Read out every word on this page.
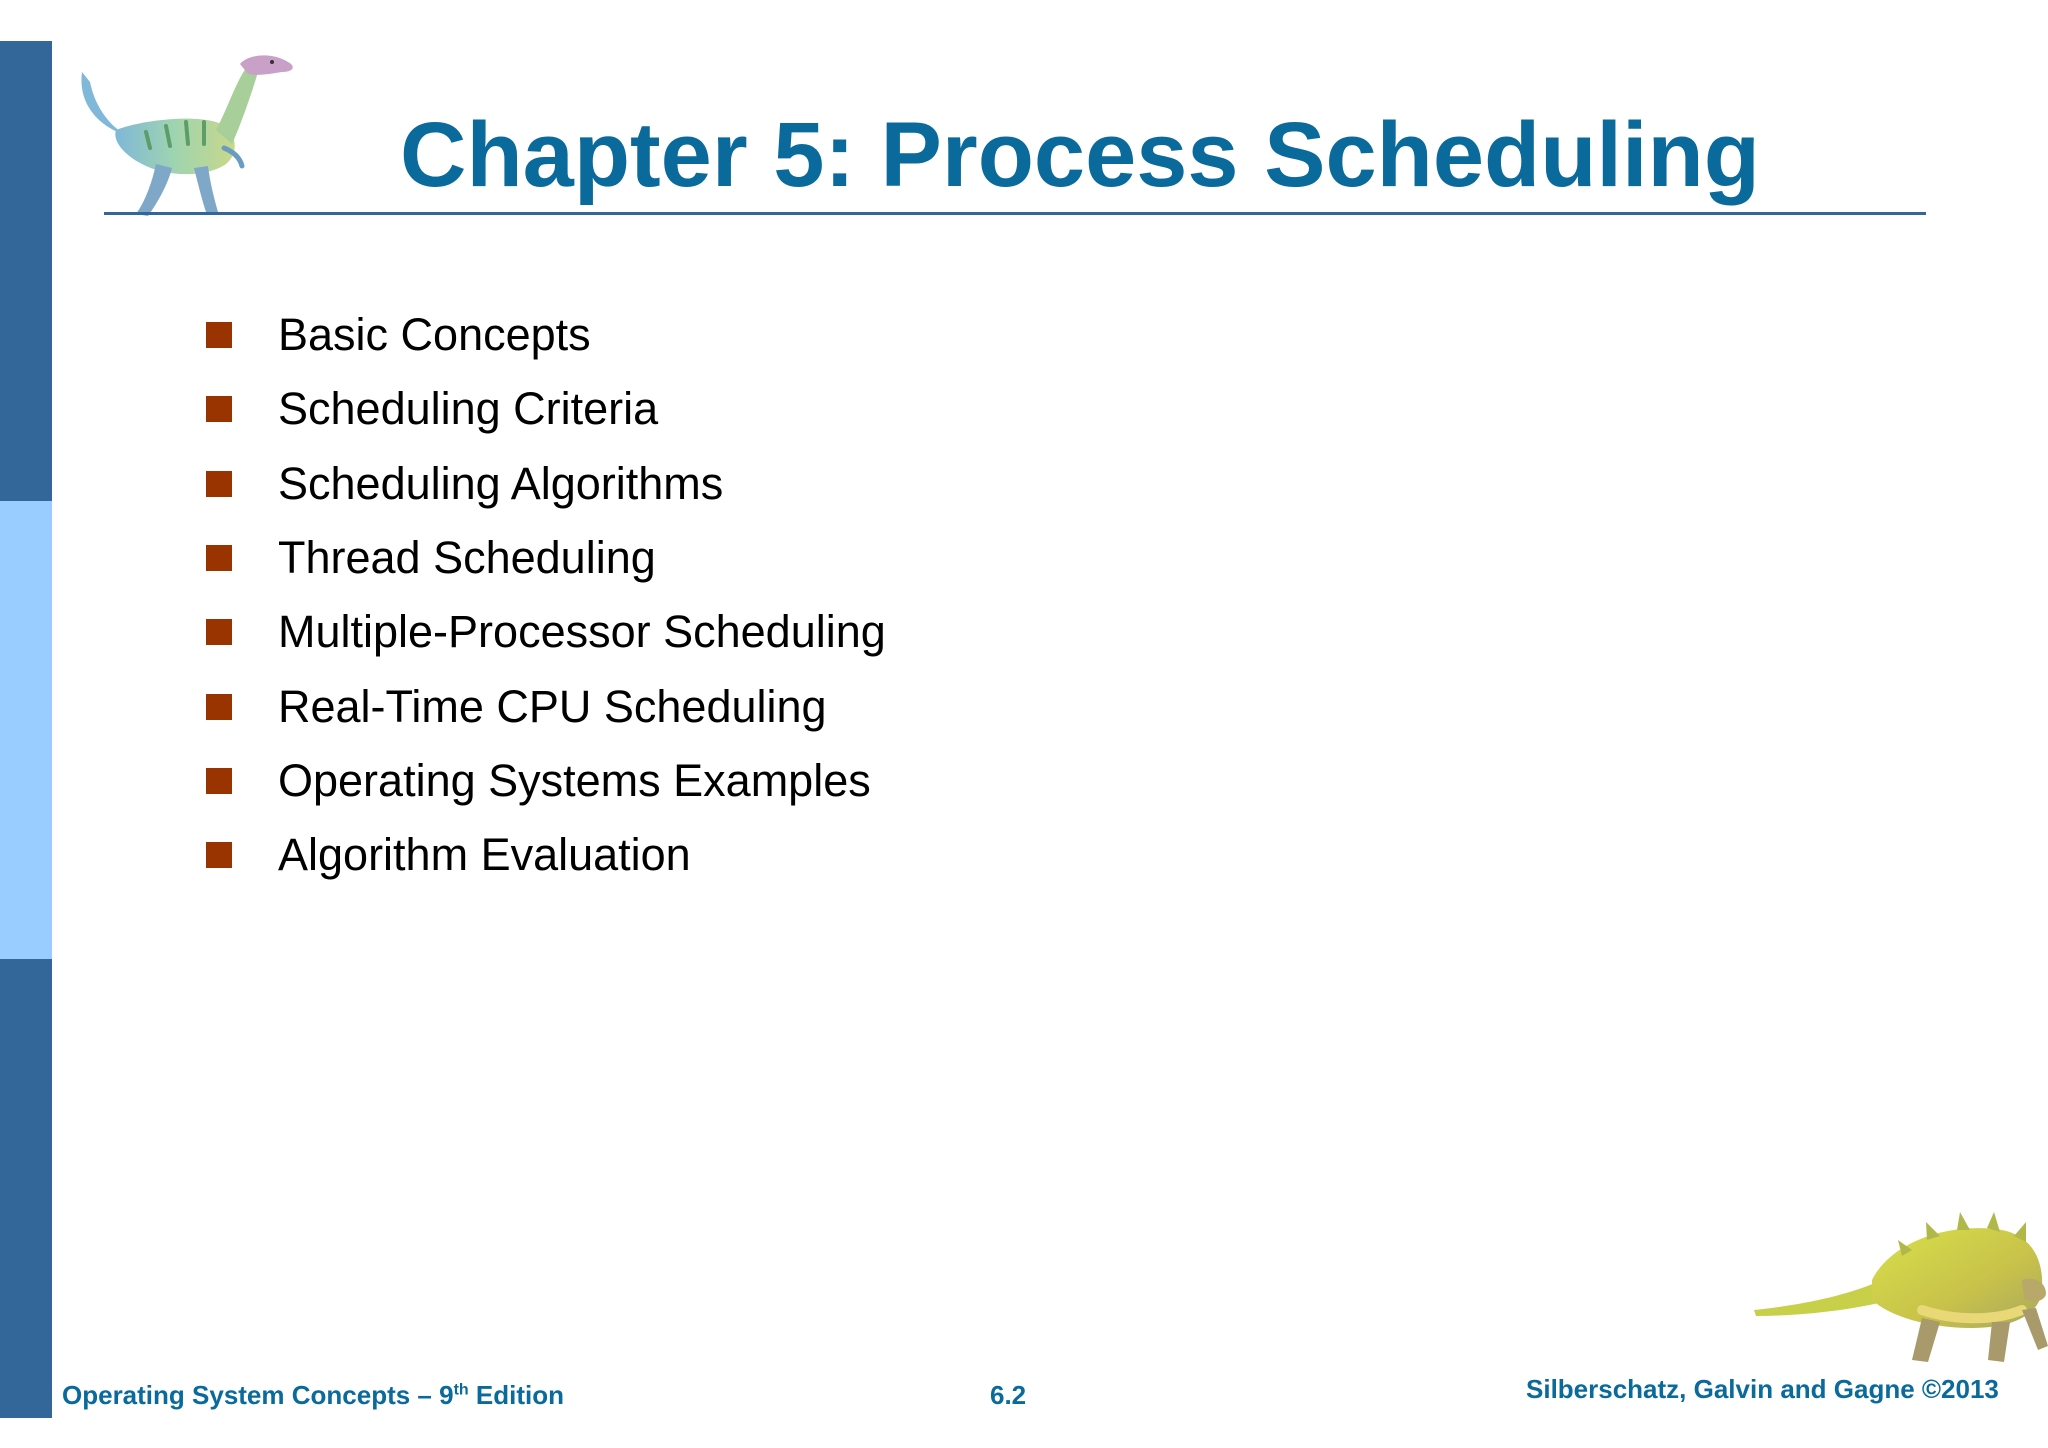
Chapter 5: Process Scheduling
Basic Concepts
Scheduling Criteria
Scheduling Algorithms
Thread Scheduling
Multiple-Processor Scheduling
Real-Time CPU Scheduling
Operating Systems Examples
Algorithm Evaluation
Operating System Concepts – 9th Edition	6.2	Silberschatz, Galvin and Gagne ©2013
